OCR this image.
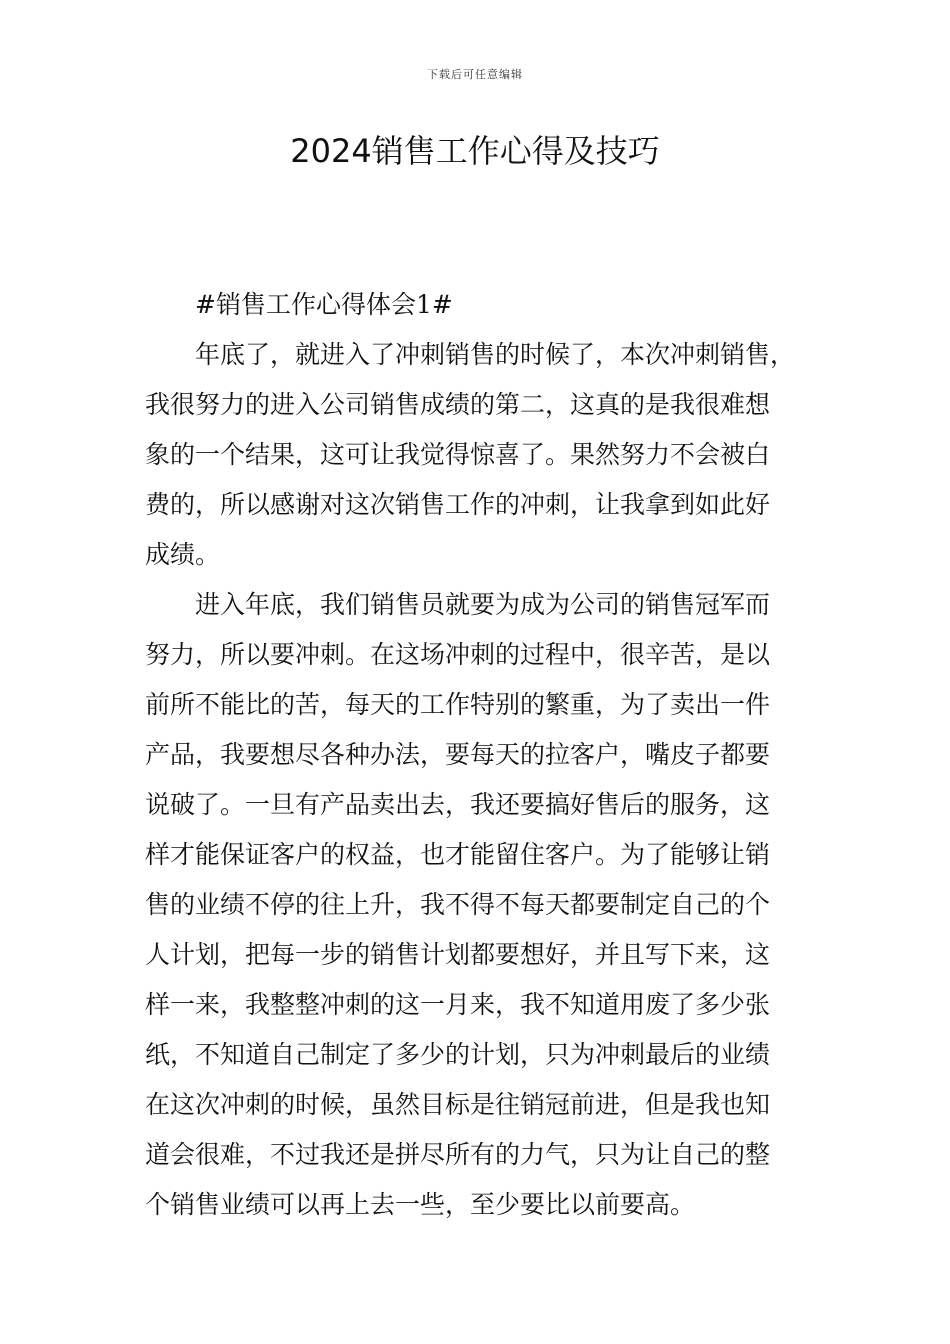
下载后可任意编辑
2024销售工作心得及技巧
#销售工作心得体会1#
年底了，就进入了冲刺销售的时候了，本次冲刺销售，
我很努力的进入公司销售成绩的第二，这真的是我很难想
象的一个结果，这可让我觉得惊喜了。果然努力不会被白
费的，所以感谢对这次销售工作的冲刺，让我拿到如此好
成绩。
进入年底，我们销售员就要为成为公司的销售冠军而
努力，所以要冲刺。在这场冲刺的过程中，很辛苦，是以
前所不能比的苦，每天的工作特别的繁重，为了卖出一件
产品，我要想尽各种办法，要每天的拉客户，嘴皮子都要
说破了。一旦有产品卖出去，我还要搞好售后的服务，这
样才能保证客户的权益，也才能留住客户。为了能够让销
售的业绩不停的往上升，我不得不每天都要制定自己的个
人计划，把每一步的销售计划都要想好，并且写下来，这
样一来，我整整冲刺的这一月来，我不知道用废了多少张
纸，不知道自己制定了多少的计划，只为冲刺最后的业绩
在这次冲刺的时候，虽然目标是往销冠前进，但是我也知
道会很难，不过我还是拼尽所有的力气，只为让自己的整
个销售业绩可以再上去一些，至少要比以前要高。
